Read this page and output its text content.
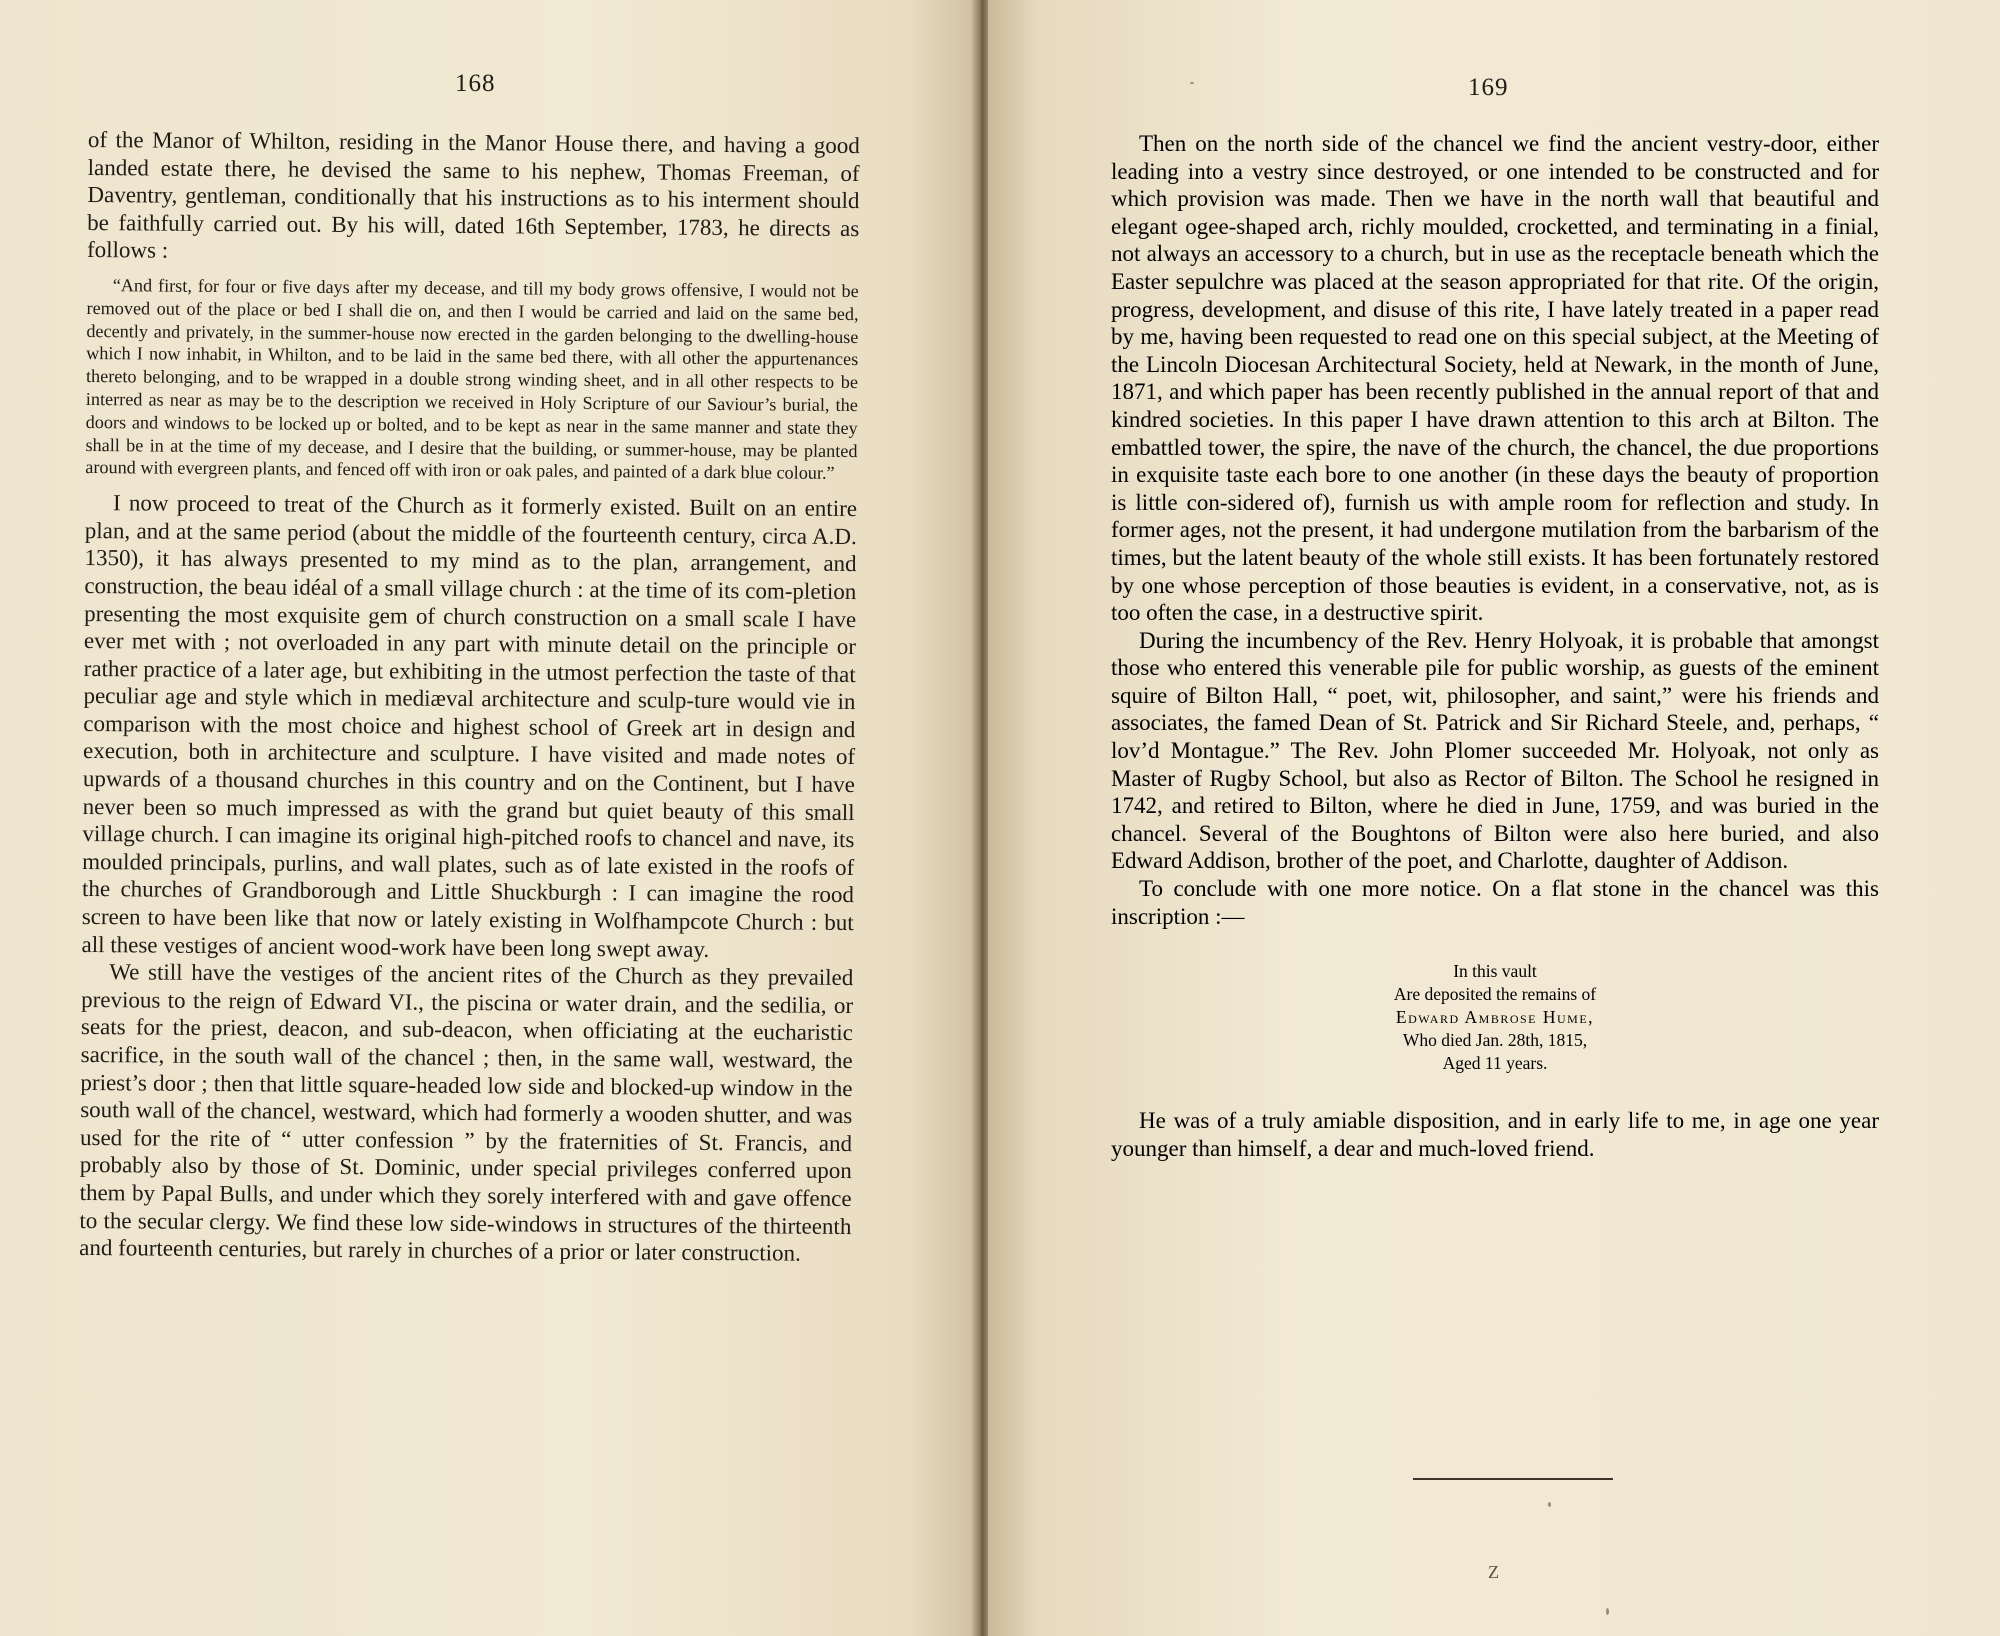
168

of the Manor of Whilton, residing in the Manor House there, and having a good landed estate there, he devised the same to his nephew, Thomas Freeman, of Daventry, gentleman, conditionally that his instructions as to his interment should be faithfully carried out. By his will, dated 16th September, 1783, he directs as follows :

“And first, for four or five days after my decease, and till my body grows offensive, I would not be removed out of the place or bed I shall die on, and then I would be carried and laid on the same bed, decently and privately, in the summer-house now erected in the garden belonging to the dwelling-house which I now inhabit, in Whilton, and to be laid in the same bed there, with all other the appurtenances thereto belonging, and to be wrapped in a double strong winding sheet, and in all other respects to be interred as near as may be to the description we received in Holy Scripture of our Saviour’s burial, the doors and windows to be locked up or bolted, and to be kept as near in the same manner and state they shall be in at the time of my decease, and I desire that the building, or summer-house, may be planted around with evergreen plants, and fenced off with iron or oak pales, and painted of a dark blue colour.”

I now proceed to treat of the Church as it formerly existed. Built on an entire plan, and at the same period (about the middle of the fourteenth century, circa A.D. 1350), it has always presented to my mind as to the plan, arrangement, and construction, the beau idéal of a small village church : at the time of its com-pletion presenting the most exquisite gem of church construction on a small scale I have ever met with ; not overloaded in any part with minute detail on the principle or rather practice of a later age, but exhibiting in the utmost perfection the taste of that peculiar age and style which in mediæval architecture and sculp-ture would vie in comparison with the most choice and highest school of Greek art in design and execution, both in architecture and sculpture. I have visited and made notes of upwards of a thousand churches in this country and on the Continent, but I have never been so much impressed as with the grand but quiet beauty of this small village church. I can imagine its original high-pitched roofs to chancel and nave, its moulded principals, purlins, and wall plates, such as of late existed in the roofs of the churches of Grandborough and Little Shuckburgh : I can imagine the rood screen to have been like that now or lately existing in Wolfhampcote Church : but all these vestiges of ancient wood-work have been long swept away.

We still have the vestiges of the ancient rites of the Church as they prevailed previous to the reign of Edward VI., the piscina or water drain, and the sedilia, or seats for the priest, deacon, and sub-deacon, when officiating at the eucharistic sacrifice, in the south wall of the chancel ; then, in the same wall, westward, the priest’s door ; then that little square-headed low side and blocked-up window in the south wall of the chancel, westward, which had formerly a wooden shutter, and was used for the rite of “ utter confession ” by the fraternities of St. Francis, and probably also by those of St. Dominic, under special privileges conferred upon them by Papal Bulls, and under which they sorely interfered with and gave offence to the secular clergy. We find these low side-windows in structures of the thirteenth and fourteenth centuries, but rarely in churches of a prior or later construction.

169

Then on the north side of the chancel we find the ancient vestry-door, either leading into a vestry since destroyed, or one intended to be constructed and for which provision was made. Then we have in the north wall that beautiful and elegant ogee-shaped arch, richly moulded, crocketted, and terminating in a finial, not always an accessory to a church, but in use as the receptacle beneath which the Easter sepulchre was placed at the season appropriated for that rite. Of the origin, progress, development, and disuse of this rite, I have lately treated in a paper read by me, having been requested to read one on this special subject, at the Meeting of the Lincoln Diocesan Architectural Society, held at Newark, in the month of June, 1871, and which paper has been recently published in the annual report of that and kindred societies. In this paper I have drawn attention to this arch at Bilton. The embattled tower, the spire, the nave of the church, the chancel, the due proportions in exquisite taste each bore to one another (in these days the beauty of proportion is little con-sidered of), furnish us with ample room for reflection and study. In former ages, not the present, it had undergone mutilation from the barbarism of the times, but the latent beauty of the whole still exists. It has been fortunately restored by one whose perception of those beauties is evident, in a conservative, not, as is too often the case, in a destructive spirit.

During the incumbency of the Rev. Henry Holyoak, it is probable that amongst those who entered this venerable pile for public worship, as guests of the eminent squire of Bilton Hall, “ poet, wit, philosopher, and saint,” were his friends and associates, the famed Dean of St. Patrick and Sir Richard Steele, and, perhaps, “ lov’d Montague.” The Rev. John Plomer succeeded Mr. Holyoak, not only as Master of Rugby School, but also as Rector of Bilton. The School he resigned in 1742, and retired to Bilton, where he died in June, 1759, and was buried in the chancel. Several of the Boughtons of Bilton were also here buried, and also Edward Addison, brother of the poet, and Charlotte, daughter of Addison.

To conclude with one more notice. On a flat stone in the chancel was this inscription :—

In this vault
Are deposited the remains of
Edward Ambrose Hume,
Who died Jan. 28th, 1815,
Aged 11 years.

He was of a truly amiable disposition, and in early life to me, in age one year younger than himself, a dear and much-loved friend.

Z
